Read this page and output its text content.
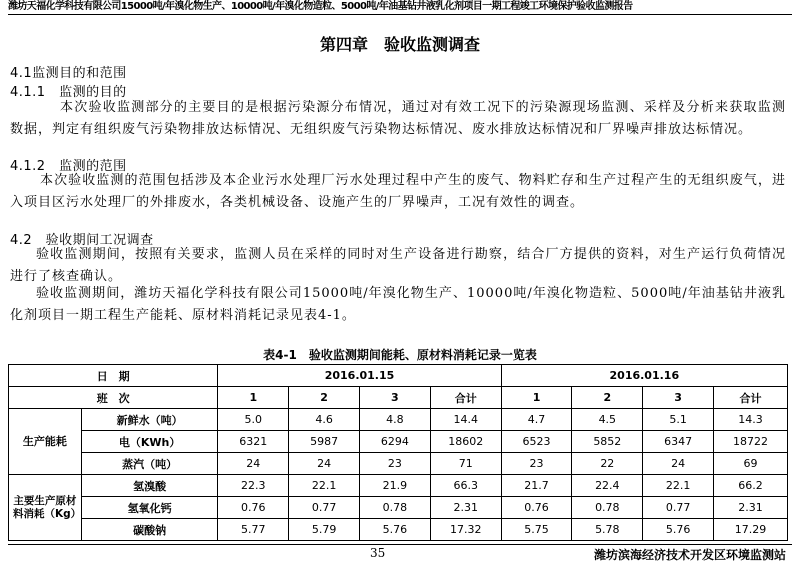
潍坊天福化学科技有限公司15000吨/年溴化物生产、10000吨/年溴化物造粒、5000吨/年油基钻井液乳化剂项目一期工程竣工环境保护验收监测报告
第四章　验收监测调查
4.1监测目的和范围
4.1.1　监测的目的
本次验收监测部分的主要目的是根据污染源分布情况，通过对有效工况下的污染源现场监测、采样及分析来获取监测数据，判定有组织废气污染物排放达标情况、无组织废气污染物达标情况、废水排放达标情况和厂界噪声排放达标情况。
4.1.2　监测的范围
本次验收监测的范围包括涉及本企业污水处理厂污水处理过程中产生的废气、物料贮存和生产过程产生的无组织废气，进入项目区污水处理厂的外排废水，各类机械设备、设施产生的厂界噪声，工况有效性的调查。
4.2　验收期间工况调查
验收监测期间，按照有关要求，监测人员在采样的同时对生产设备进行勘察，结合厂方提供的资料，对生产运行负荷情况进行了核查确认。
验收监测期间，潍坊天福化学科技有限公司15000吨/年溴化物生产、10000吨/年溴化物造粒、5000吨/年油基钻井液乳化剂项目一期工程生产能耗、原材料消耗记录见表4-1。
表4-1　验收监测期间能耗、原材料消耗记录一览表
日　期		2016.01.15				2016.01.16			
班　次		1	2	3	合计	1	2	3	合计
生产能耗	新鲜水（吨）	5.0	4.6	4.8	14.4	4.7	4.5	5.1	14.3
	电（KWh）	6321	5987	6294	18602	6523	5852	6347	18722
	蒸汽（吨）	24	24	23	71	23	22	24	69
主要生产原材料消耗（Kg）	氢溴酸	22.3	22.1	21.9	66.3	21.7	22.4	22.1	66.2
	氢氧化钙	0.76	0.77	0.78	2.31	0.76	0.78	0.77	2.31
	碳酸钠	5.77	5.79	5.76	17.32	5.75	5.78	5.76	17.29
35	潍坊滨海经济技术开发区环境监测站
